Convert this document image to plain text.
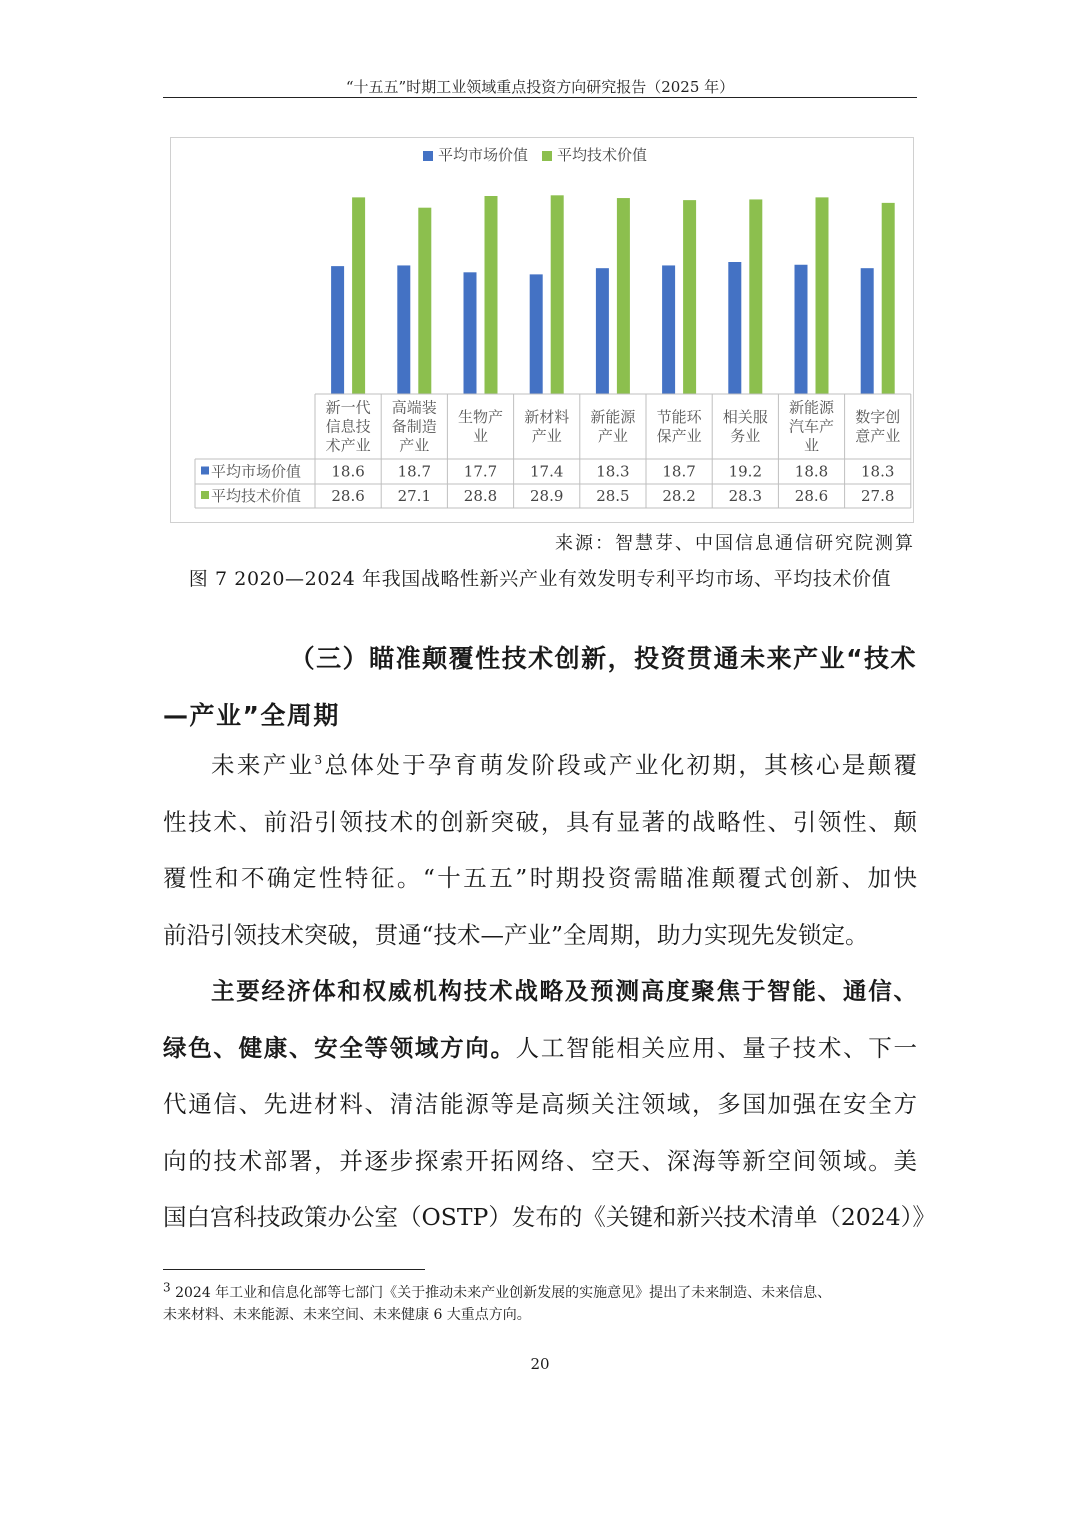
“十五五”时期工业领域重点投资方向研究报告（2025 年）
平均市场价值 平均技术价值
新一代信息技术产业
高端装备制造产业
生物产业
新材料产业
新能源产业
节能环保产业
相关服务业
新能源汽车产业
数字创意产业
平均市场价值 18.6 18.7 17.7 17.4 18.3 18.7 19.2 18.8 18.3
平均技术价值 28.6 27.1 28.8 28.9 28.5 28.2 28.3 28.6 27.8
来源：智慧芽、中国信息通信研究院测算
图 7 2020—2024 年我国战略性新兴产业有效发明专利平均市场、平均技术价值
（三）瞄准颠覆性技术创新，投资贯通未来产业“技术
—产业”全周期
未来产业$^3$总体处于孕育萌发阶段或产业化初期，其核心是颠覆
性技术、前沿引领技术的创新突破，具有显著的战略性、引领性、颠
覆性和不确定性特征。“十五五”时期投资需瞄准颠覆式创新、加快
前沿引领技术突破，贯通“技术—产业”全周期，助力实现先发锁定。
主要经济体和权威机构技术战略及预测高度聚焦于智能、通信、
绿色、健康、安全等领域方向。人工智能相关应用、量子技术、下一
代通信、先进材料、清洁能源等是高频关注领域，多国加强在安全方
向的技术部署，并逐步探索开拓网络、空天、深海等新空间领域。美
国白宫科技政策办公室（OSTP）发布的《关键和新兴技术清单（2024）》
$^3$ 2024 年工业和信息化部等七部门《关于推动未来产业创新发展的实施意见》提出了未来制造、未来信息、
未来材料、未来能源、未来空间、未来健康 6 大重点方向。
20
